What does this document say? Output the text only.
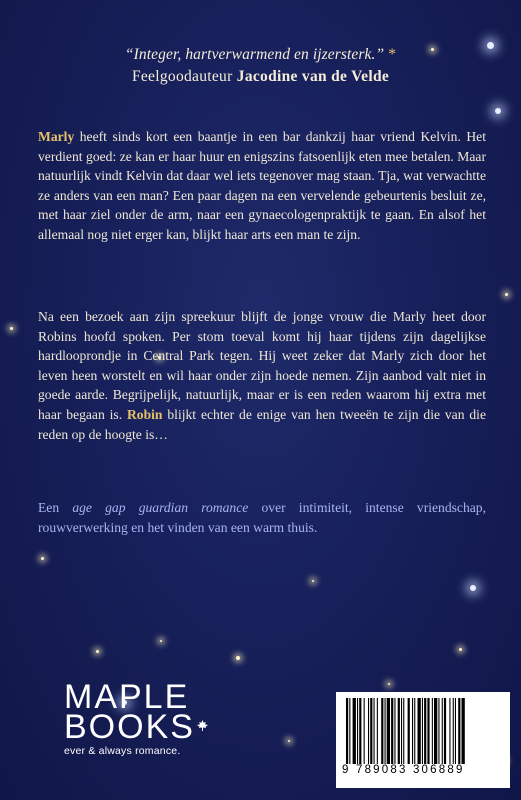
“Integer, hartverwarmend en ijzersterk.” *
Feelgoodauteur Jacodine van de Velde
Marly heeft sinds kort een baantje in een bar dankzij haar vriend Kelvin. Het verdient goed: ze kan er haar huur en enigszins fatsoenlijk eten mee betalen. Maar natuurlijk vindt Kelvin dat daar wel iets tegenover mag staan. Tja, wat verwachtte ze anders van een man? Een paar dagen na een vervelende gebeurtenis besluit ze, met haar ziel onder de arm, naar een gynaecologenpraktijk te gaan. En alsof het allemaal nog niet erger kan, blijkt haar arts een man te zijn.
Na een bezoek aan zijn spreekuur blijft de jonge vrouw die Marly heet door Robins hoofd spoken. Per stom toeval komt hij haar tijdens zijn dagelijkse hardlooprondje in Central Park tegen. Hij weet zeker dat Marly zich door het leven heen worstelt en wil haar onder zijn hoede nemen. Zijn aanbod valt niet in goede aarde. Begrijpelijk, natuurlijk, maar er is een reden waarom hij extra met haar begaan is. Robin blijkt echter de enige van hen tweeën te zijn die van die reden op de hoogte is…
Een age gap guardian romance over intimiteit, intense vriendschap, rouwverwerking en het vinden van een warm thuis.
MAPLE
BOOKS
ever & always romance.
9 789083 306889
